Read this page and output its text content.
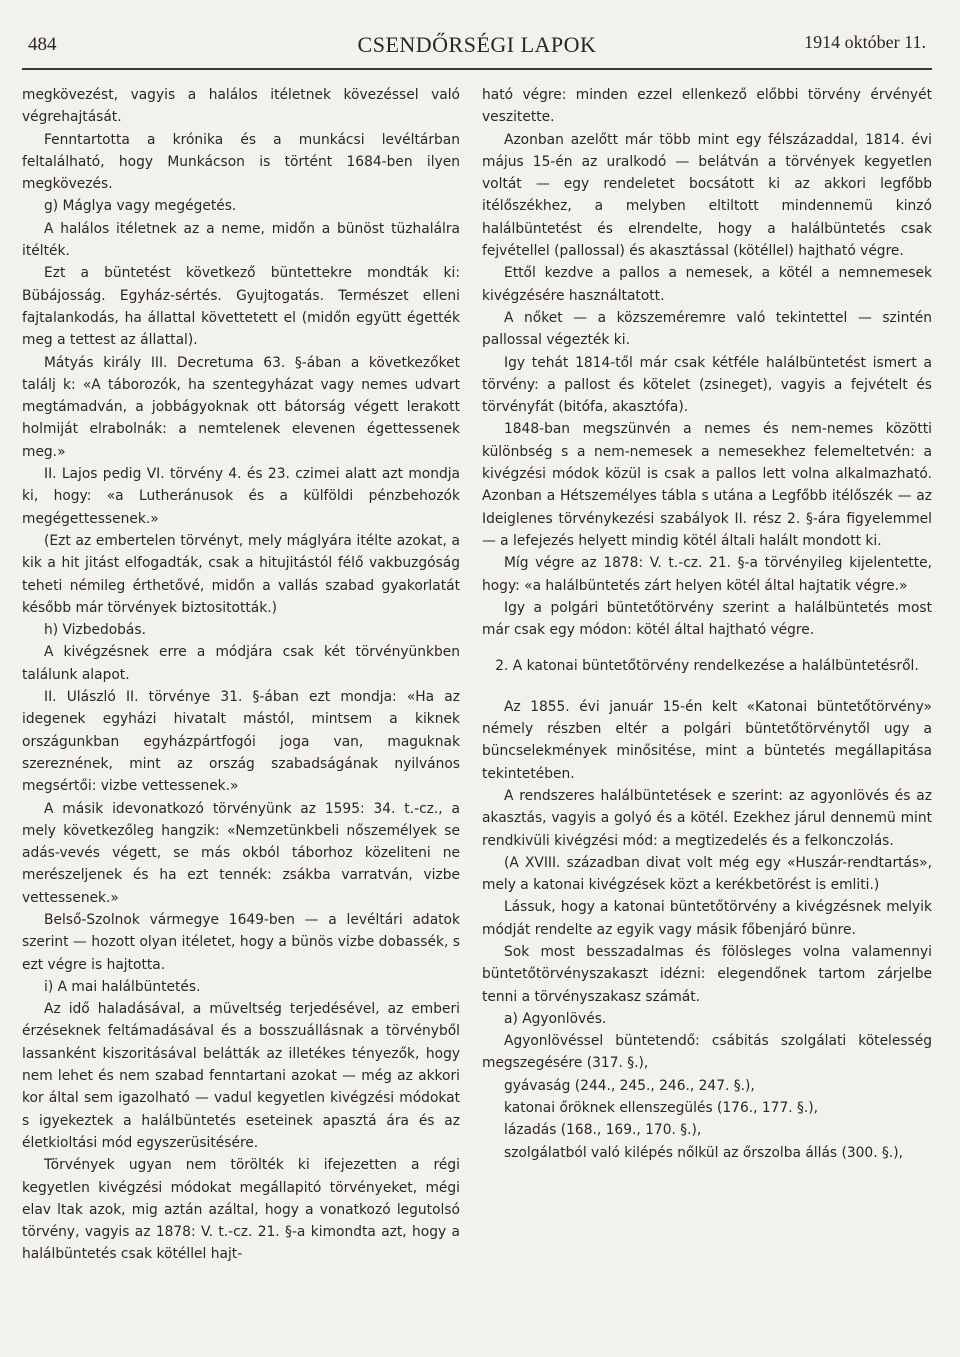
484	CSENDŐRSÉGI LAPOK	1914 október 11.

megkövezést, vagyis a halálos itéletnek kövezéssel való végrehajtását.

Fenntartotta a krónika és a munkácsi levéltárban feltalálható, hogy Munkácson is történt 1684-ben ilyen megkövezés.

g) Máglya vagy megégetés.

A halálos itéletnek az a neme, midőn a bünöst tüzhalálra itélték.

Ezt a büntetést következő büntettekre mondták ki: Bübájosság. Egyház-sértés. Gyujtogatás. Természet elleni fajtalankodás, ha állattal követtetett el (midőn együtt égették meg a tettest az állattal).

Mátyás király III. Decretuma 63. §-ában a következőket találj k: «A táborozók, ha szentegyházat vagy nemes udvart megtámadván, a jobbágyoknak ott bátorság végett lerakott holmiját elrabolnák: a nemtelenek elevenen égettessenek meg.»

II. Lajos pedig VI. törvény 4. és 23. czimei alatt azt mondja ki, hogy: «a Lutheránusok és a külföldi pénzbehozók megégettessenek.»

(Ezt az embertelen törvényt, mely máglyára itélte azokat, a kik a hit jitást elfogadták, csak a hitujitástól félő vakbuzgóság teheti némileg érthetővé, midőn a vallás szabad gyakorlatát később már törvények biztositották.)

h) Vizbedobás.

A kivégzésnek erre a módjára csak két törvényünkben találunk alapot.

II. Ulászló II. törvénye 31. §-ában ezt mondja: «Ha az idegenek egyházi hivatalt mástól, mintsem a kiknek országunkban egyházpártfogói joga van, maguknak szereznének, mint az ország szabadságának nyilvános megsértői: vizbe vettessenek.»

A másik idevonatkozó törvényünk az 1595: 34. t.-cz., a mely következőleg hangzik: «Nemzetünkbeli nőszemélyek se adás-vevés végett, se más okból táborhoz közeliteni ne merészeljenek és ha ezt tennék: zsákba varratván, vizbe vettessenek.»

Belső-Szolnok vármegye 1649-ben — a levéltári adatok szerint — hozott olyan itéletet, hogy a bünös vizbe dobassék, s ezt végre is hajtotta.

i) A mai halálbüntetés.

Az idő haladásával, a müveltség terjedésével, az emberi érzéseknek feltámadásával és a bosszuállásnak a törvényből lassanként kiszoritásával belátták az illetékes tényezők, hogy nem lehet és nem szabad fenntartani azokat — még az akkori kor által sem igazolható — vadul kegyetlen kivégzési módokat s igyekeztek a halálbüntetés eseteinek apasztá ára és az életkioltási mód egyszerüsitésére.

Törvények ugyan nem törölték ki ifejezetten a régi kegyetlen kivégzési módokat megállapitó törvényeket, mégi elav ltak azok, mig aztán azáltal, hogy a vonatkozó legutolsó törvény, vagyis az 1878: V. t.-cz. 21. §-a kimondta azt, hogy a halálbüntetés csak kötéllel hajt-

ható végre: minden ezzel ellenkező előbbi törvény érvényét veszitette.

Azonban azelőtt már több mint egy félszázaddal, 1814. évi május 15-én az uralkodó — belátván a törvények kegyetlen voltát — egy rendeletet bocsátott ki az akkori legfőbb itélőszékhez, a melyben eltiltott mindennemü kinzó halálbüntetést és elrendelte, hogy a halálbüntetés csak fejvétellel (pallossal) és akasztással (kötéllel) hajtható végre.

Ettől kezdve a pallos a nemesek, a kötél a nemnemesek kivégzésére használtatott.

A nőket — a közszeméremre való tekintettel — szintén pallossal végezték ki.

Igy tehát 1814-től már csak kétféle halálbüntetést ismert a törvény: a pallost és kötelet (zsineget), vagyis a fejvételt és törvényfát (bitófa, akasztófa).

1848-ban megszünvén a nemes és nem-nemes közötti különbség s a nem-nemesek a nemesekhez felemeltetvén: a kivégzési módok közül is csak a pallos lett volna alkalmazható. Azonban a Hétszemélyes tábla s utána a Legfőbb itélőszék — az Ideiglenes törvénykezési szabályok II. rész 2. §-ára figyelemmel — a lefejezés helyett mindig kötél általi halált mondott ki.

Míg végre az 1878: V. t.-cz. 21. §-a törvényileg kijelentette, hogy: «a halálbüntetés zárt helyen kötél által hajtatik végre.»

Igy a polgári büntetőtörvény szerint a halálbüntetés most már csak egy módon: kötél által hajtható végre.

2. A katonai büntetőtörvény rendelkezése a halálbüntetésről.

Az 1855. évi január 15-én kelt «Katonai büntetőtörvény» némely részben eltér a polgári büntetőtörvénytől ugy a büncselekmények minősitése, mint a büntetés megállapitása tekintetében.

A rendszeres halálbüntetések e szerint: az agyonlövés és az akasztás, vagyis a golyó és a kötél. Ezekhez járul dennemü mint rendkivüli kivégzési mód: a megtizedelés és a felkonczolás.

(A XVIII. században divat volt még egy «Huszár-rendtartás», mely a katonai kivégzések közt a kerékbetörést is emliti.)

Lássuk, hogy a katonai büntetőtörvény a kivégzésnek melyik módját rendelte az egyik vagy másik főbenjáró bünre.

Sok most besszadalmas és fölösleges volna valamennyi büntetőtörvényszakaszt idézni: elegendőnek tartom zárjelbe tenni a törvényszakasz számát.

a) Agyonlövés.

Agyonlövéssel büntetendő: csábitás szolgálati kötelesség megszegésére (317. §.),

gyávaság (244., 245., 246., 247. §.),

katonai őröknek ellenszegülés (176., 177. §.),

lázadás (168., 169., 170. §.),

szolgálatból való kilépés nőlkül az őrszolba állás (300. §.),
